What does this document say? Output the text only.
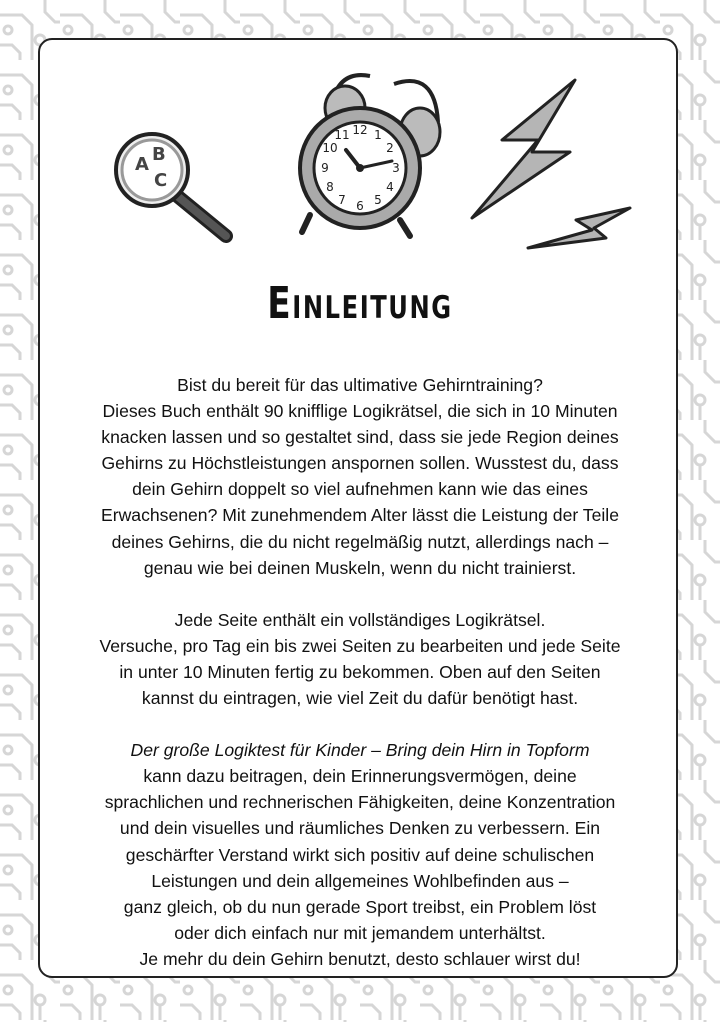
A B
C
12 1
2
3
4
5
6
7
8
9
10
11
Einleitung

Bist du bereit für das ultimative Gehirntraining?
Dieses Buch enthält 90 knifflige Logikrätsel, die sich in 10 Minuten
knacken lassen und so gestaltet sind, dass sie jede Region deines
Gehirns zu Höchstleistungen anspornen sollen. Wusstest du, dass
dein Gehirn doppelt so viel aufnehmen kann wie das eines
Erwachsenen? Mit zunehmendem Alter lässt die Leistung der Teile
deines Gehirns, die du nicht regelmäßig nutzt, allerdings nach –
genau wie bei deinen Muskeln, wenn du nicht trainierst.

Jede Seite enthält ein vollständiges Logikrätsel.
Versuche, pro Tag ein bis zwei Seiten zu bearbeiten und jede Seite
in unter 10 Minuten fertig zu bekommen. Oben auf den Seiten
kannst du eintragen, wie viel Zeit du dafür benötigt hast.

Der große Logiktest für Kinder – Bring dein Hirn in Topform
kann dazu beitragen, dein Erinnerungsvermögen, deine
sprachlichen und rechnerischen Fähigkeiten, deine Konzentration
und dein visuelles und räumliches Denken zu verbessern. Ein
geschärfter Verstand wirkt sich positiv auf deine schulischen
Leistungen und dein allgemeines Wohlbefinden aus –
ganz gleich, ob du nun gerade Sport treibst, ein Problem löst
oder dich einfach nur mit jemandem unterhältst.
Je mehr du dein Gehirn benutzt, desto schlauer wirst du!
